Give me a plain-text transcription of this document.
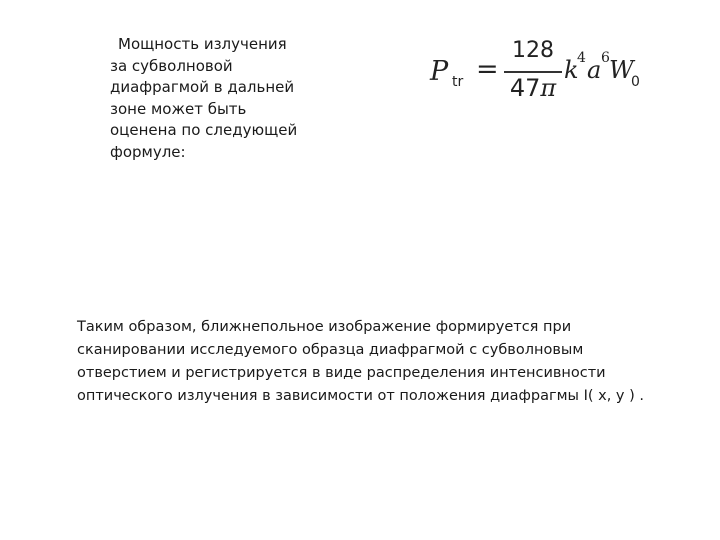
Мощность излучения
за субволновой
диафрагмой в дальней
зоне может быть
оценена по следующей
формуле:

P tr =
128
47π
k
4 a 6 W
0

Таким образом, ближнепольное изображение формируется при
сканировании исследуемого образца диафрагмой с субволновым
отверстием и регистрируется в виде распределения интенсивности
оптического излучения в зависимости от положения диафрагмы I( x, y ) .
